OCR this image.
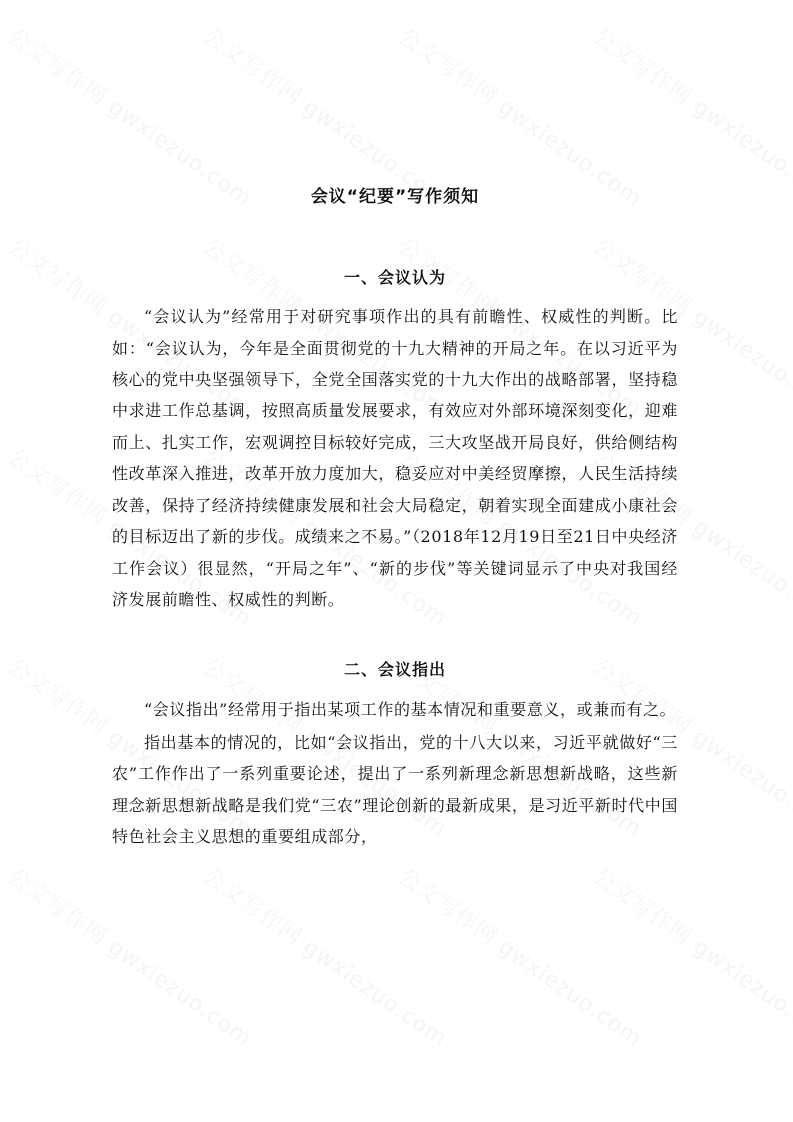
会议“纪要”写作须知
一、会议认为

“会议认为”经常用于对研究事项作出的具有前瞻性、权威性的判断。比如：“会议认为，今年是全面贯彻党的十九大精神的开局之年。在以习近平为核心的党中央坚强领导下，全党全国落实党的十九大作出的战略部署，坚持稳中求进工作总基调，按照高质量发展要求，有效应对外部环境深刻变化，迎难而上、扎实工作，宏观调控目标较好完成，三大攻坚战开局良好，供给侧结构性改革深入推进，改革开放力度加大，稳妥应对中美经贸摩擦，人民生活持续改善，保持了经济持续健康发展和社会大局稳定，朝着实现全面建成小康社会的目标迈出了新的步伐。成绩来之不易。”（2018年12月19日至21日中央经济工作会议）很显然，“开局之年”、“新的步伐”等关键词显示了中央对我国经济发展前瞻性、权威性的判断。

二、会议指出

“会议指出”经常用于指出某项工作的基本情况和重要意义，或兼而有之。

指出基本的情况的，比如“会议指出，党的十八大以来，习近平就做好“三农”工作作出了一系列重要论述，提出了一系列新理念新思想新战略，这些新理念新思想新战略是我们党“三农”理论创新的最新成果，是习近平新时代中国特色社会主义思想的重要组成部分，
